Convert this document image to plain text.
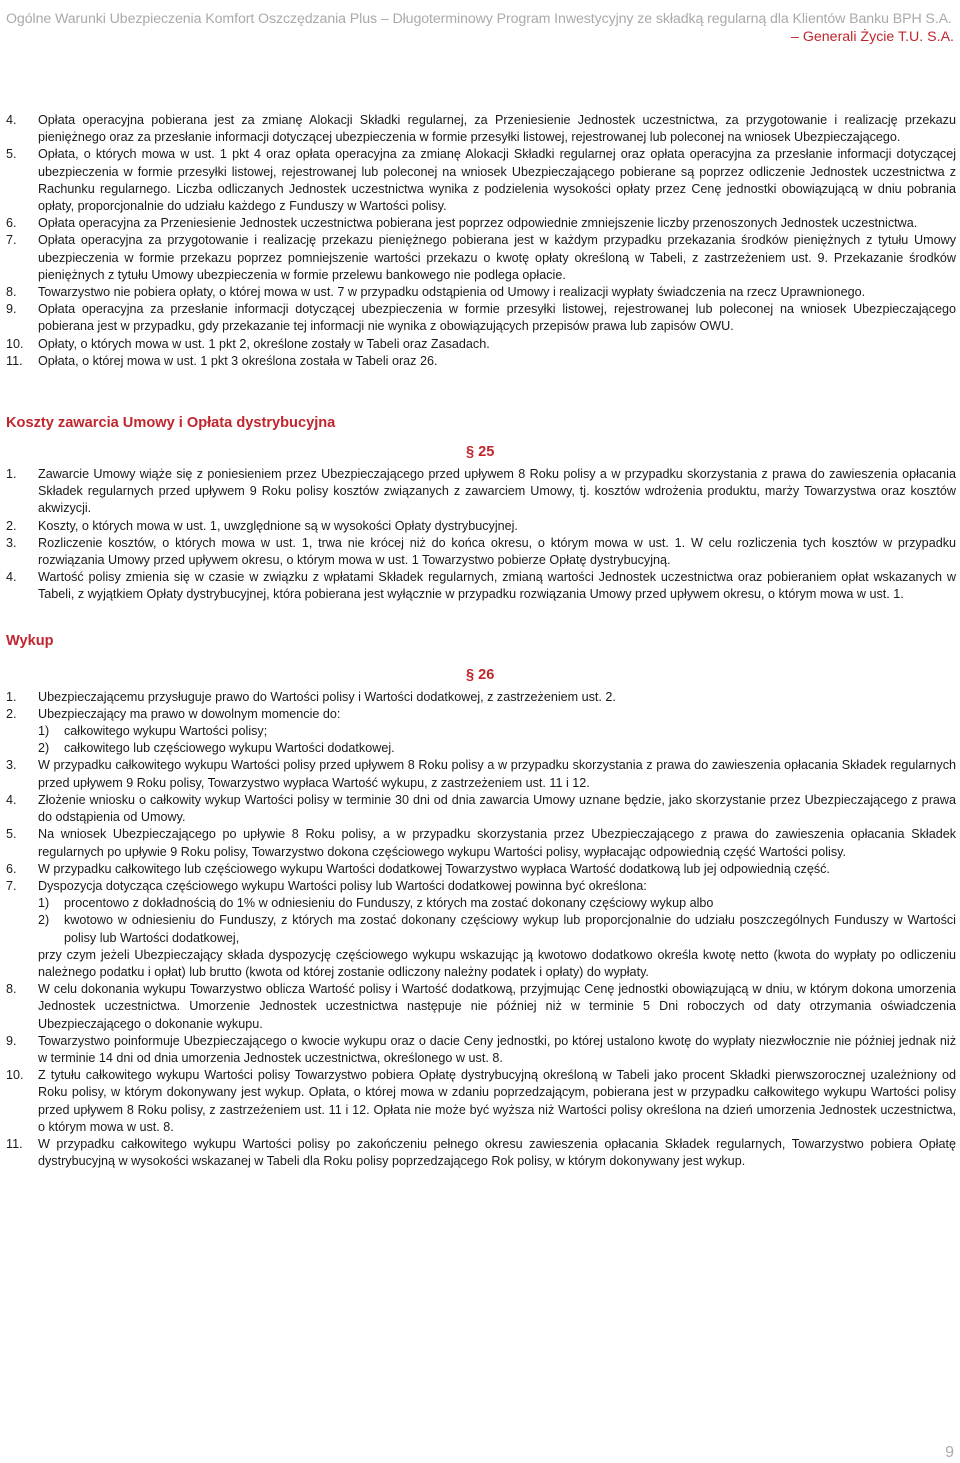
Ogólne Warunki Ubezpieczenia Komfort Oszczędzania Plus – Długoterminowy Program Inwestycyjny ze składką regularną dla Klientów Banku BPH S.A.
– Generali Życie T.U. S.A.
4. Opłata operacyjna pobierana jest za zmianę Alokacji Składki regularnej, za Przeniesienie Jednostek uczestnictwa, za przygotowanie i realizację przekazu pieniężnego oraz za przesłanie informacji dotyczącej ubezpieczenia w formie przesyłki listowej, rejestrowanej lub poleconej na wniosek Ubezpieczającego.
5. Opłata, o których mowa w ust. 1 pkt 4 oraz opłata operacyjna za zmianę Alokacji Składki regularnej oraz opłata operacyjna za przesłanie informacji dotyczącej ubezpieczenia w formie przesyłki listowej, rejestrowanej lub poleconej na wniosek Ubezpieczającego pobierane są poprzez odliczenie Jednostek uczestnictwa z Rachunku regularnego. Liczba odliczanych Jednostek uczestnictwa wynika z podzielenia wysokości opłaty przez Cenę jednostki obowiązującą w dniu pobrania opłaty, proporcjonalnie do udziału każdego z Funduszy w Wartości polisy.
6. Opłata operacyjna za Przeniesienie Jednostek uczestnictwa pobierana jest poprzez odpowiednie zmniejszenie liczby przenoszonych Jednostek uczestnictwa.
7. Opłata operacyjna za przygotowanie i realizację przekazu pieniężnego pobierana jest w każdym przypadku przekazania środków pieniężnych z tytułu Umowy ubezpieczenia w formie przekazu poprzez pomniejszenie wartości przekazu o kwotę opłaty określoną w Tabeli, z zastrzeżeniem ust. 9. Przekazanie środków pieniężnych z tytułu Umowy ubezpieczenia w formie przelewu bankowego nie podlega opłacie.
8. Towarzystwo nie pobiera opłaty, o której mowa w ust. 7 w przypadku odstąpienia od Umowy i realizacji wypłaty świadczenia na rzecz Uprawnionego.
9. Opłata operacyjna za przesłanie informacji dotyczącej ubezpieczenia w formie przesyłki listowej, rejestrowanej lub poleconej na wniosek Ubezpieczającego pobierana jest w przypadku, gdy przekazanie tej informacji nie wynika z obowiązujących przepisów prawa lub zapisów OWU.
10. Opłaty, o których mowa w ust. 1 pkt 2, określone zostały w Tabeli oraz Zasadach.
11. Opłata, o której mowa w ust. 1 pkt 3 określona została w Tabeli oraz 26.
Koszty zawarcia Umowy i Opłata dystrybucyjna
§ 25
1. Zawarcie Umowy wiąże się z poniesieniem przez Ubezpieczającego przed upływem 8 Roku polisy a w przypadku skorzystania z prawa do zawieszenia opłacania Składek regularnych przed upływem 9 Roku polisy kosztów związanych z zawarciem Umowy, tj. kosztów wdrożenia produktu, marży Towarzystwa oraz kosztów akwizycji.
2. Koszty, o których mowa w ust. 1, uwzględnione są w wysokości Opłaty dystrybucyjnej.
3. Rozliczenie kosztów, o których mowa w ust. 1, trwa nie krócej niż do końca okresu, o którym mowa w ust. 1. W celu rozliczenia tych kosztów w przypadku rozwiązania Umowy przed upływem okresu, o którym mowa w ust. 1 Towarzystwo pobierze Opłatę dystrybucyjną.
4. Wartość polisy zmienia się w czasie w związku z wpłatami Składek regularnych, zmianą wartości Jednostek uczestnictwa oraz pobieraniem opłat wskazanych w Tabeli, z wyjątkiem Opłaty dystrybucyjnej, która pobierana jest wyłącznie w przypadku rozwiązania Umowy przed upływem okresu, o którym mowa w ust. 1.
Wykup
§ 26
1. Ubezpieczającemu przysługuje prawo do Wartości polisy i Wartości dodatkowej, z zastrzeżeniem ust. 2.
2. Ubezpieczający ma prawo w dowolnym momencie do:
1) całkowitego wykupu Wartości polisy;
2) całkowitego lub częściowego wykupu Wartości dodatkowej.
3. W przypadku całkowitego wykupu Wartości polisy przed upływem 8 Roku polisy a w przypadku skorzystania z prawa do zawieszenia opłacania Składek regularnych przed upływem 9 Roku polisy, Towarzystwo wypłaca Wartość wykupu, z zastrzeżeniem ust. 11 i 12.
4. Złożenie wniosku o całkowity wykup Wartości polisy w terminie 30 dni od dnia zawarcia Umowy uznane będzie, jako skorzystanie przez Ubezpieczającego z prawa do odstąpienia od Umowy.
5. Na wniosek Ubezpieczającego po upływie 8 Roku polisy, a w przypadku skorzystania przez Ubezpieczającego z prawa do zawieszenia opłacania Składek regularnych po upływie 9 Roku polisy, Towarzystwo dokona częściowego wykupu Wartości polisy, wypłacając odpowiednią część Wartości polisy.
6. W przypadku całkowitego lub częściowego wykupu Wartości dodatkowej Towarzystwo wypłaca Wartość dodatkową lub jej odpowiednią część.
7. Dyspozycja dotycząca częściowego wykupu Wartości polisy lub Wartości dodatkowej powinna być określona:
1) procentowo z dokładnością do 1% w odniesieniu do Funduszy, z których ma zostać dokonany częściowy wykup albo
2) kwotowo w odniesieniu do Funduszy, z których ma zostać dokonany częściowy wykup lub proporcjonalnie do udziału poszczególnych Funduszy w Wartości polisy lub Wartości dodatkowej,
przy czym jeżeli Ubezpieczający składa dyspozycję częściowego wykupu wskazując ją kwotowo dodatkowo określa kwotę netto (kwota do wypłaty po odliczeniu należnego podatku i opłat) lub brutto (kwota od której zostanie odliczony należny podatek i opłaty) do wypłaty.
8. W celu dokonania wykupu Towarzystwo oblicza Wartość polisy i Wartość dodatkową, przyjmując Cenę jednostki obowiązującą w dniu, w którym dokona umorzenia Jednostek uczestnictwa. Umorzenie Jednostek uczestnictwa następuje nie później niż w terminie 5 Dni roboczych od daty otrzymania oświadczenia Ubezpieczającego o dokonanie wykupu.
9. Towarzystwo poinformuje Ubezpieczającego o kwocie wykupu oraz o dacie Ceny jednostki, po której ustalono kwotę do wypłaty niezwłocznie nie później jednak niż w terminie 14 dni od dnia umorzenia Jednostek uczestnictwa, określonego w ust. 8.
10. Z tytułu całkowitego wykupu Wartości polisy Towarzystwo pobiera Opłatę dystrybucyjną określoną w Tabeli jako procent Składki pierwszorocznej uzależniony od Roku polisy, w którym dokonywany jest wykup. Opłata, o której mowa w zdaniu poprzedzającym, pobierana jest w przypadku całkowitego wykupu Wartości polisy przed upływem 8 Roku polisy, z zastrzeżeniem ust. 11 i 12. Opłata nie może być wyższa niż Wartości polisy określona na dzień umorzenia Jednostek uczestnictwa, o którym mowa w ust. 8.
11. W przypadku całkowitego wykupu Wartości polisy po zakończeniu pełnego okresu zawieszenia opłacania Składek regularnych, Towarzystwo pobiera Opłatę dystrybucyjną w wysokości wskazanej w Tabeli dla Roku polisy poprzedzającego Rok polisy, w którym dokonywany jest wykup.
9
